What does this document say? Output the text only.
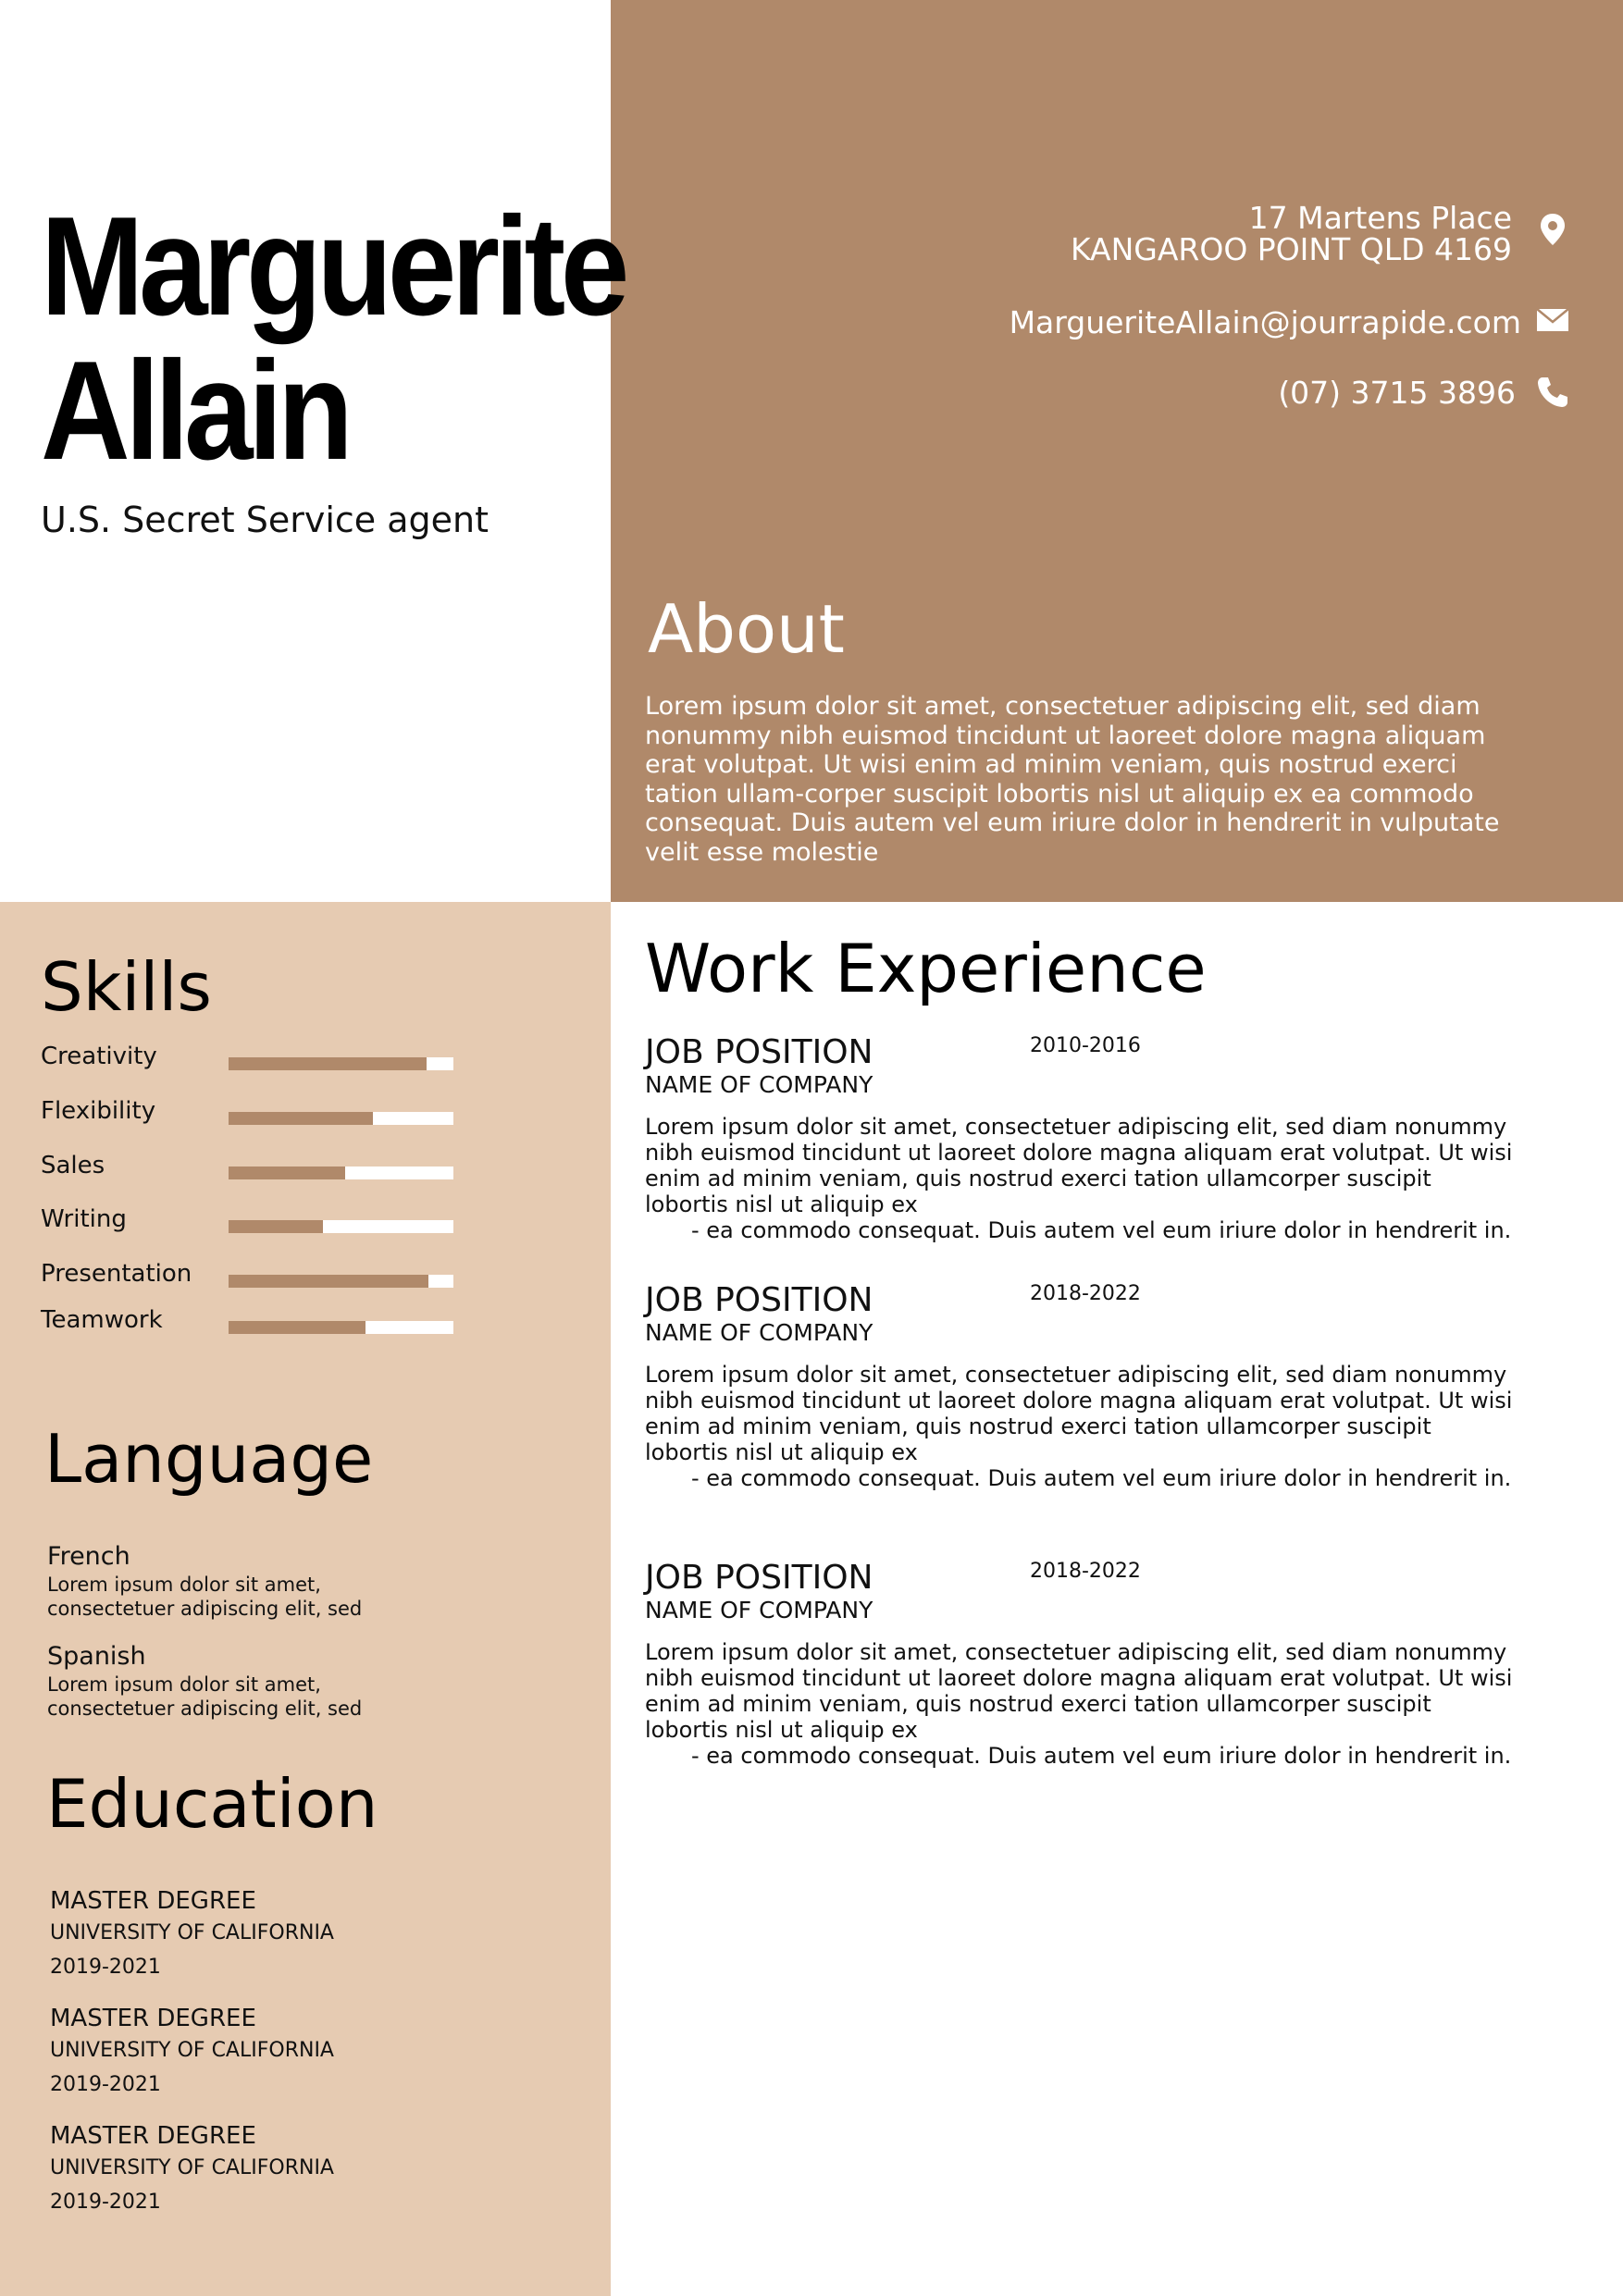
Marguerite
Allain
U.S. Secret Service agent
17 Martens Place
KANGAROO POINT QLD 4169
MargueriteAllain@jourrapide.com
(07) 3715 3896
About

Lorem ipsum dolor sit amet, consectetuer adipiscing elit, sed diam nonummy nibh euismod tincidunt ut laoreet dolore magna aliquam erat volutpat. Ut wisi enim ad minim veniam, quis nostrud exerci tation ullam-corper suscipit lobortis nisl ut aliquip ex ea commodo consequat. Duis autem vel eum iriure dolor in hendrerit in vulputate velit esse molestie

Skills
Creativity
Flexibility
Sales
Writing
Presentation
Teamwork
Language
French
Lorem ipsum dolor sit amet,
consectetuer adipiscing elit, sed
Spanish
Lorem ipsum dolor sit amet,
consectetuer adipiscing elit, sed
Education
MASTER DEGREE
UNIVERSITY OF CALIFORNIA
2019-2021
MASTER DEGREE
UNIVERSITY OF CALIFORNIA
2019-2021
MASTER DEGREE
UNIVERSITY OF CALIFORNIA
2019-2021
Work Experience
JOB POSITION	2010-2016
NAME OF COMPANY
Lorem ipsum dolor sit amet, consectetuer adipiscing elit, sed diam nonummy nibh euismod tincidunt ut laoreet dolore magna aliquam erat volutpat. Ut wisi enim ad minim veniam, quis nostrud exerci tation ullamcorper suscipit lobortis nisl ut aliquip ex
- ea commodo consequat. Duis autem vel eum iriure dolor in hendrerit in.
JOB POSITION	2018-2022
NAME OF COMPANY
Lorem ipsum dolor sit amet, consectetuer adipiscing elit, sed diam nonummy nibh euismod tincidunt ut laoreet dolore magna aliquam erat volutpat. Ut wisi enim ad minim veniam, quis nostrud exerci tation ullamcorper suscipit lobortis nisl ut aliquip ex
- ea commodo consequat. Duis autem vel eum iriure dolor in hendrerit in.
JOB POSITION	2018-2022
NAME OF COMPANY
Lorem ipsum dolor sit amet, consectetuer adipiscing elit, sed diam nonummy nibh euismod tincidunt ut laoreet dolore magna aliquam erat volutpat. Ut wisi enim ad minim veniam, quis nostrud exerci tation ullamcorper suscipit lobortis nisl ut aliquip ex
- ea commodo consequat. Duis autem vel eum iriure dolor in hendrerit in.
